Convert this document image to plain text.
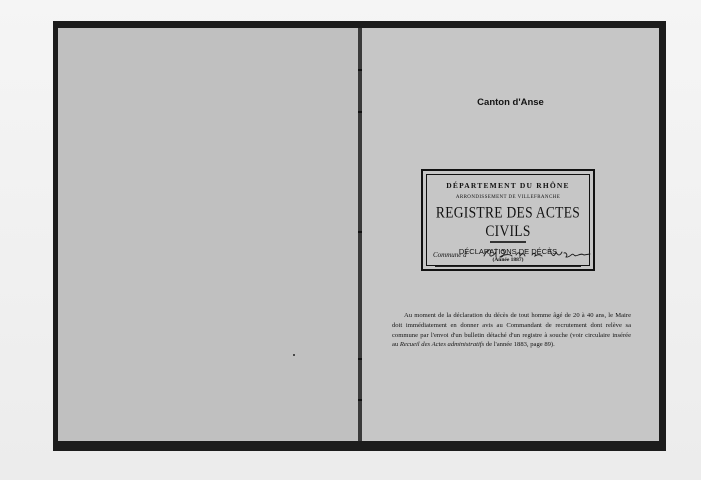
Canton d'Anse
DÉPARTEMENT DU RHÔNE
ARRONDISSEMENT DE VILLEFRANCHE
REGISTRE DES ACTES CIVILS
DÉCLARATIONS DE DÉCÈS
(Année 1887)
Commune d
Au moment de la déclaration du décès de tout homme âgé de 20 à 40 ans, le Maire doit immédiatement en donner avis au Commandant de recrutement dont relève sa commune par l'envoi d'un bulletin détaché d'un registre à souche (voir circulaire insérée au Recueil des Actes administratifs de l'année 1883, page 89).
